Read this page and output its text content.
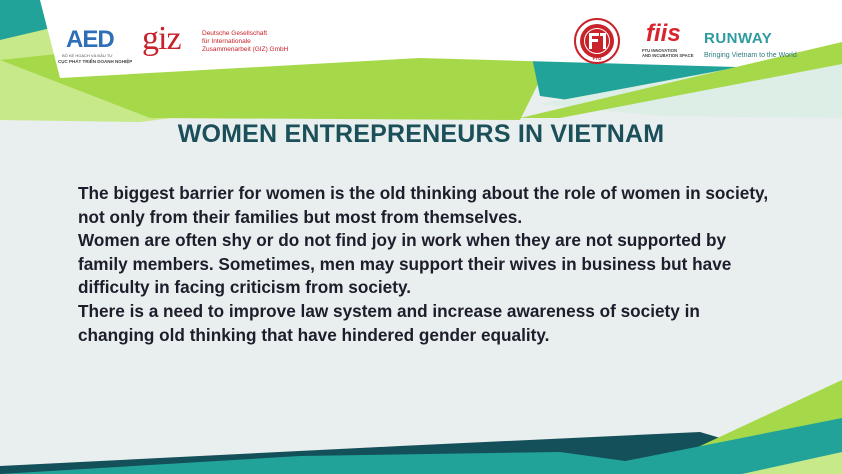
AED
BỘ KẾ HOẠCH VÀ ĐẦU TƯ
CỤC PHÁT TRIỂN DOANH NGHIỆP
giz	Deutsche Gesellschaft
für Internationale
Zusammenarbeit (GIZ) GmbH
FTU
fiis
FTU INNOVATION
AND INCUBATION SPACE
RUNWAY
Bringing Vietnam to the World
WOMEN ENTREPRENEURS IN VIETNAM

The biggest barrier for women is the old thinking about the role of women in society, not only from their families but most from themselves.

Women are often shy or do not find joy in work when they are not supported by family members. Sometimes, men may support their wives in business but have difficulty in facing criticism from society.

There is a need to improve law system and increase awareness of society in changing old thinking that have hindered gender equality.
